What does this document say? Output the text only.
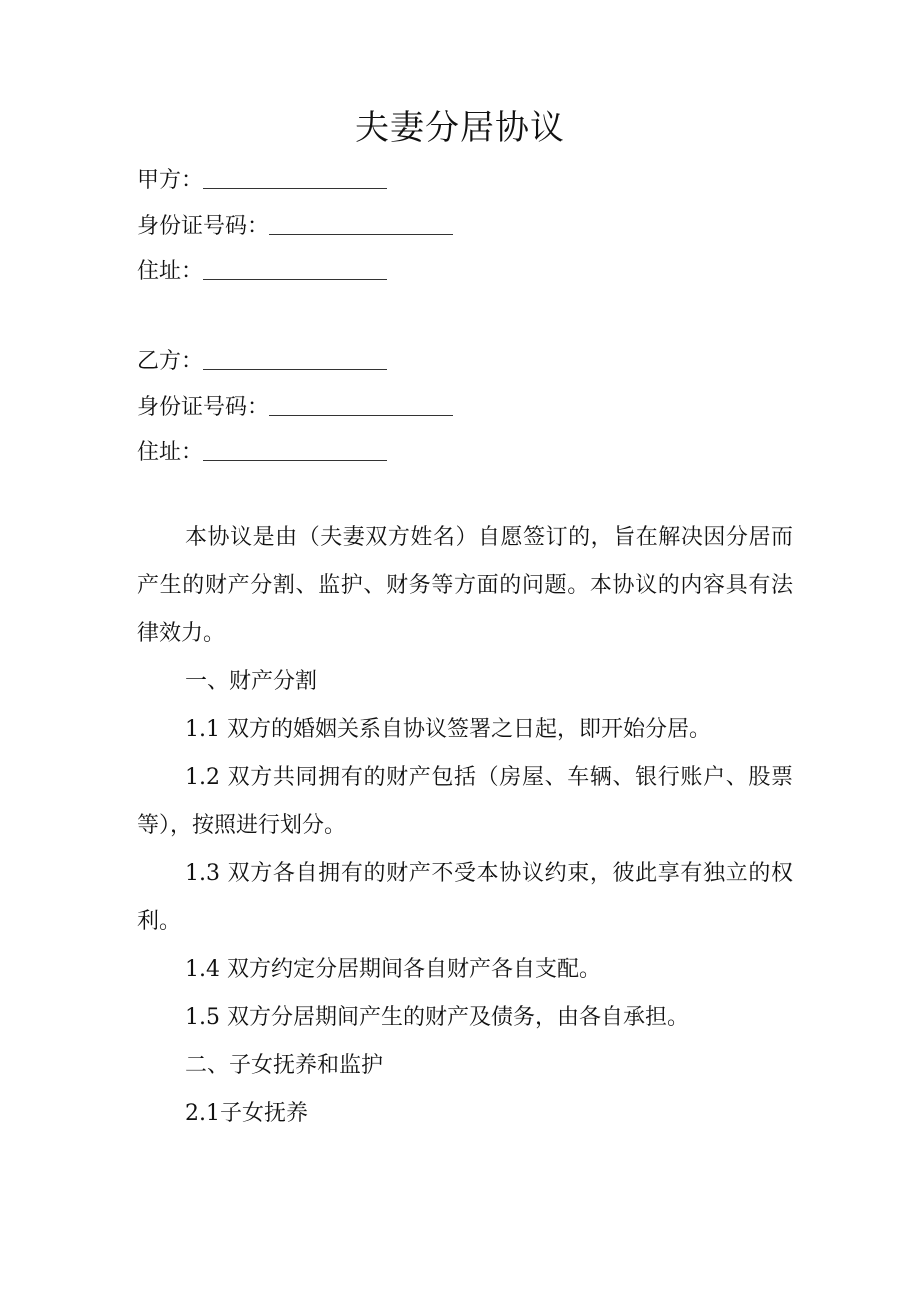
夫妻分居协议
甲方：
身份证号码：
住址：
乙方：
身份证号码：
住址：
本协议是由（夫妻双方姓名）自愿签订的，旨在解决因分居而产生的财产分割、监护、财务等方面的问题。本协议的内容具有法律效力。
一、财产分割
1.1 双方的婚姻关系自协议签署之日起，即开始分居。
1.2 双方共同拥有的财产包括（房屋、车辆、银行账户、股票等），按照进行划分。
1.3 双方各自拥有的财产不受本协议约束，彼此享有独立的权利。
1.4 双方约定分居期间各自财产各自支配。
1.5 双方分居期间产生的财产及债务，由各自承担。
二、子女抚养和监护
2.1子女抚养
